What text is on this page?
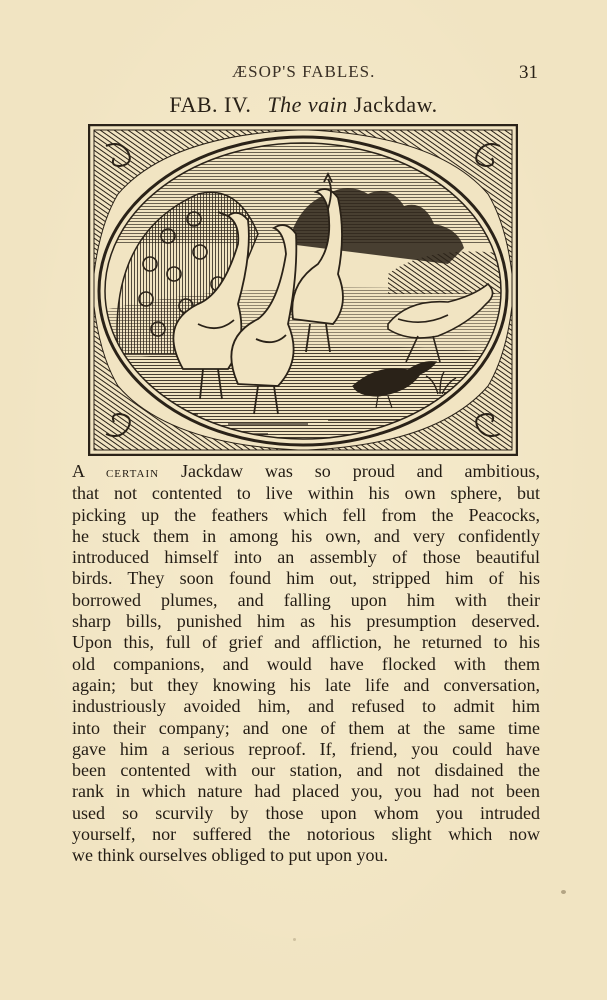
ÆSOP'S FABLES.	31
FAB. IV. The vain Jackdaw.
A certain Jackdaw was so proud and ambitious,
that not contented to live within his own sphere, but
picking up the feathers which fell from the Peacocks,
he stuck them in among his own, and very confidently
introduced himself into an assembly of those beautiful
birds. They soon found him out, stripped him of his
borrowed plumes, and falling upon him with their
sharp bills, punished him as his presumption deserved.
Upon this, full of grief and affliction, he returned to his
old companions, and would have flocked with them
again; but they knowing his late life and conversation,
industriously avoided him, and refused to admit him
into their company; and one of them at the same time
gave him a serious reproof. If, friend, you could have
been contented with our station, and not disdained the
rank in which nature had placed you, you had not been
used so scurvily by those upon whom you intruded
yourself, nor suffered the notorious slight which now
we think ourselves obliged to put upon you.
